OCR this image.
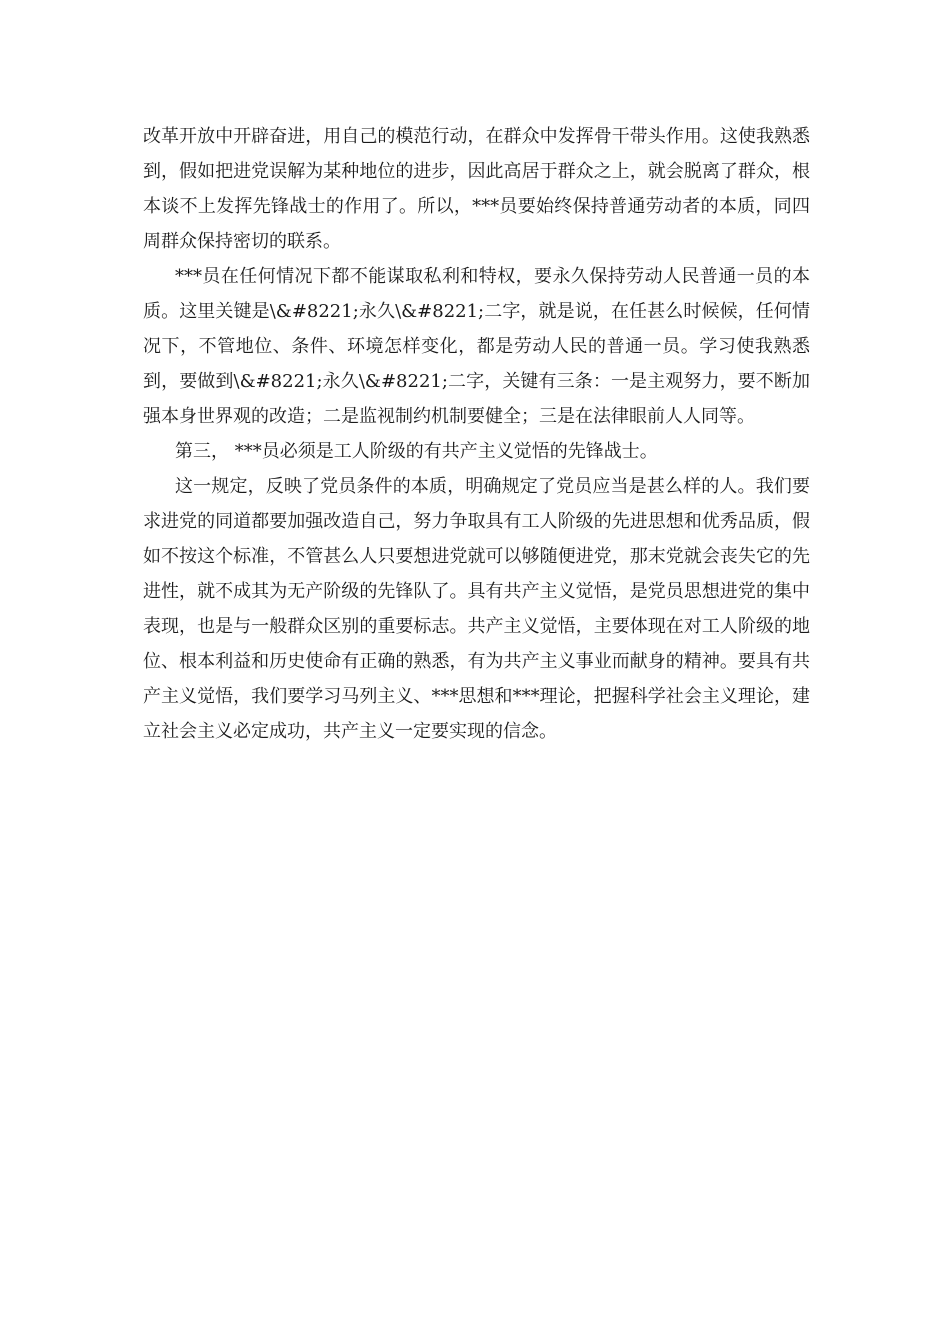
改革开放中开辟奋进，用自己的模范行动，在群众中发挥骨干带头作用。这使我熟悉到，假如把进党误解为某种地位的进步，因此高居于群众之上，就会脱离了群众，根本谈不上发挥先锋战士的作用了。所以，***员要始终保持普通劳动者的本质，同四周群众保持密切的联系。

***员在任何情况下都不能谋取私利和特权，要永久保持劳动人民普通一员的本质。这里关键是\&#8221;永久\&#8221;二字，就是说，在任甚么时候候，任何情况下，不管地位、条件、环境怎样变化，都是劳动人民的普通一员。学习使我熟悉到，要做到\&#8221;永久\&#8221;二字，关键有三条：一是主观努力，要不断加强本身世界观的改造；二是监视制约机制要健全；三是在法律眼前人人同等。

第三， ***员必须是工人阶级的有共产主义觉悟的先锋战士。

这一规定，反映了党员条件的本质，明确规定了党员应当是甚么样的人。我们要求进党的同道都要加强改造自己，努力争取具有工人阶级的先进思想和优秀品质，假如不按这个标准，不管甚么人只要想进党就可以够随便进党，那末党就会丧失它的先进性，就不成其为无产阶级的先锋队了。具有共产主义觉悟，是党员思想进党的集中表现，也是与一般群众区别的重要标志。共产主义觉悟，主要体现在对工人阶级的地位、根本利益和历史使命有正确的熟悉，有为共产主义事业而献身的精神。要具有共产主义觉悟，我们要学习马列主义、***思想和***理论，把握科学社会主义理论，建立社会主义必定成功，共产主义一定要实现的信念。
